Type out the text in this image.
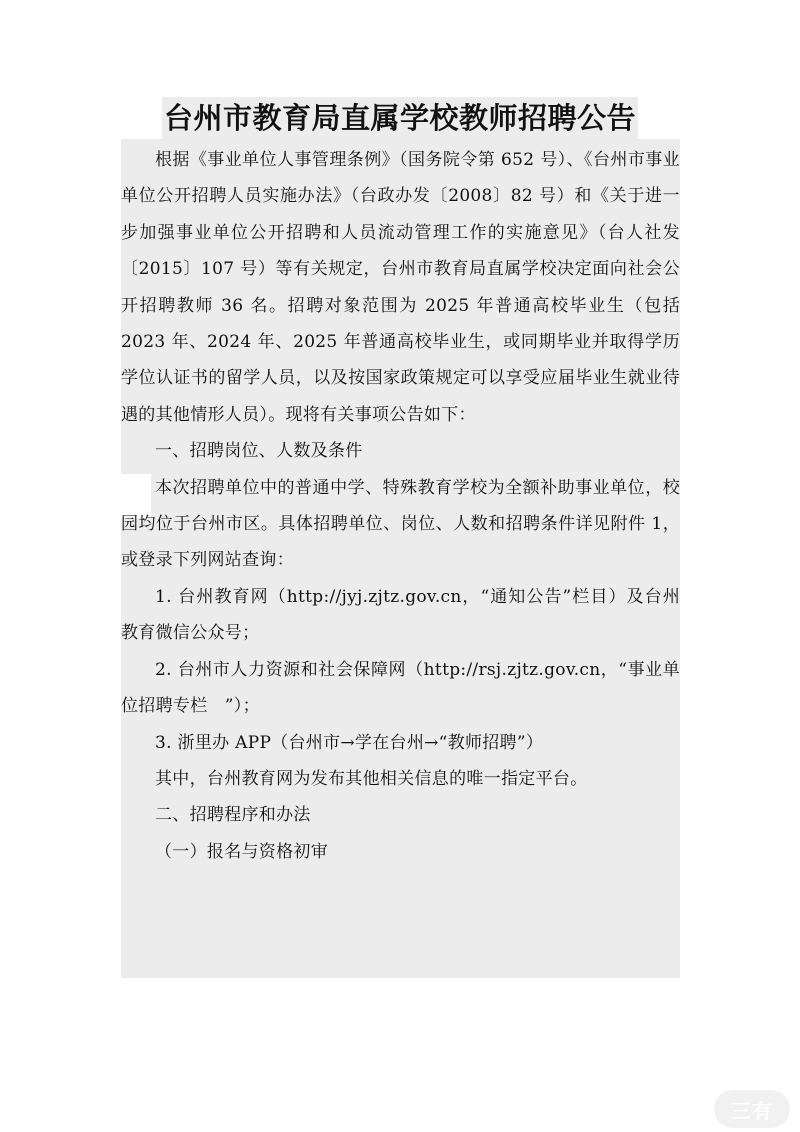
台州市教育局直属学校教师招聘公告

根据《事业单位人事管理条例》（国务院令第 652 号）、《台州市事业单位公开招聘人员实施办法》（台政办发〔2008〕82 号）和《关于进一步加强事业单位公开招聘和人员流动管理工作的实施意见》（台人社发〔2015〕107 号）等有关规定，台州市教育局直属学校决定面向社会公开招聘教师 36 名。招聘对象范围为 2025 年普通高校毕业生（包括 2023 年、2024 年、2025 年普通高校毕业生，或同期毕业并取得学历学位认证书的留学人员，以及按国家政策规定可以享受应届毕业生就业待遇的其他情形人员）。现将有关事项公告如下：

一、招聘岗位、人数及条件

本次招聘单位中的普通中学、特殊教育学校为全额补助事业单位，校园均位于台州市区。具体招聘单位、岗位、人数和招聘条件详见附件 1，或登录下列网站查询：

1. 台州教育网（http://jyj.zjtz.gov.cn，“通知公告”栏目）及台州教育微信公众号；

2. 台州市人力资源和社会保障网（http://rsj.zjtz.gov.cn，“事业单位招聘专栏　”）；

3. 浙里办 APP（台州市→学在台州→“教师招聘”）

其中，台州教育网为发布其他相关信息的唯一指定平台。

二、招聘程序和办法

（一）报名与资格初审

三有
